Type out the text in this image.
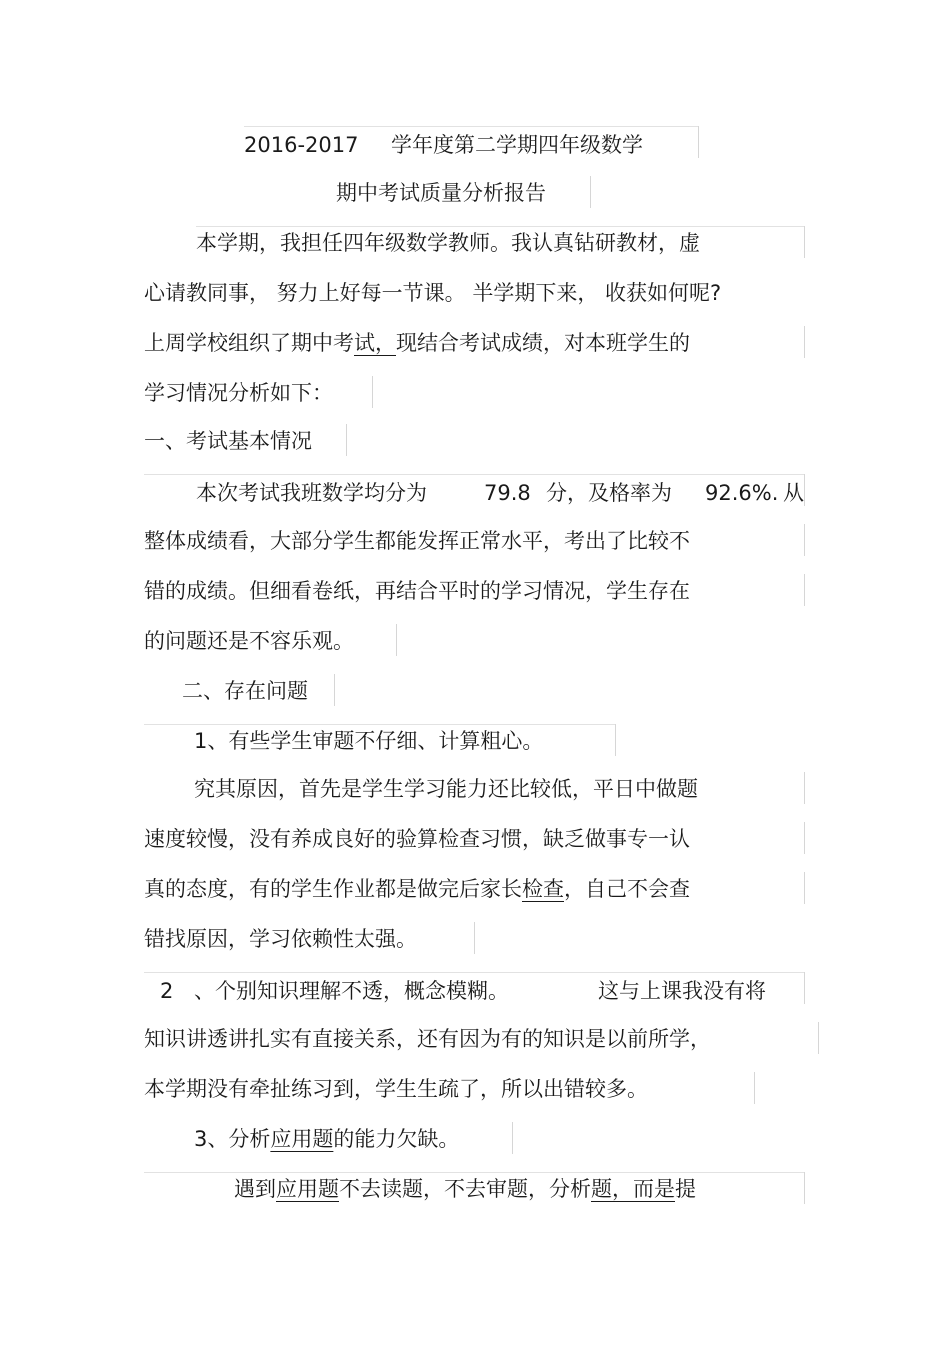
2016-2017 学年度第二学期四年级数学
期中考试质量分析报告
本学期，我担任四年级数学教师。我认真钻研教材，虚
心请教同事， 努力上好每一节课。 半学期下来， 收获如何呢?
上周学校组织了期中考试，现结合考试成绩，对本班学生的
学习情况分析如下：
一、考试基本情况
本次考试我班数学均分为	79.8 分，及格率为 92.6%. 从
整体成绩看，大部分学生都能发挥正常水平，考出了比较不
错的成绩。但细看卷纸，再结合平时的学习情况，学生存在
的问题还是不容乐观。
二、存在问题
1、有些学生审题不仔细、计算粗心。
究其原因，首先是学生学习能力还比较低，平日中做题
速度较慢，没有养成良好的验算检查习惯，缺乏做事专一认
真的态度，有的学生作业都是做完后家长检查，自己不会查
错找原因，学习依赖性太强。
2 、个别知识理解不透，概念模糊。	这与上课我没有将
知识讲透讲扎实有直接关系，还有因为有的知识是以前所学，
本学期没有牵扯练习到，学生生疏了，所以出错较多。
3、分析应用题的能力欠缺。
遇到应用题不去读题，不去审题，分析题，而是提
